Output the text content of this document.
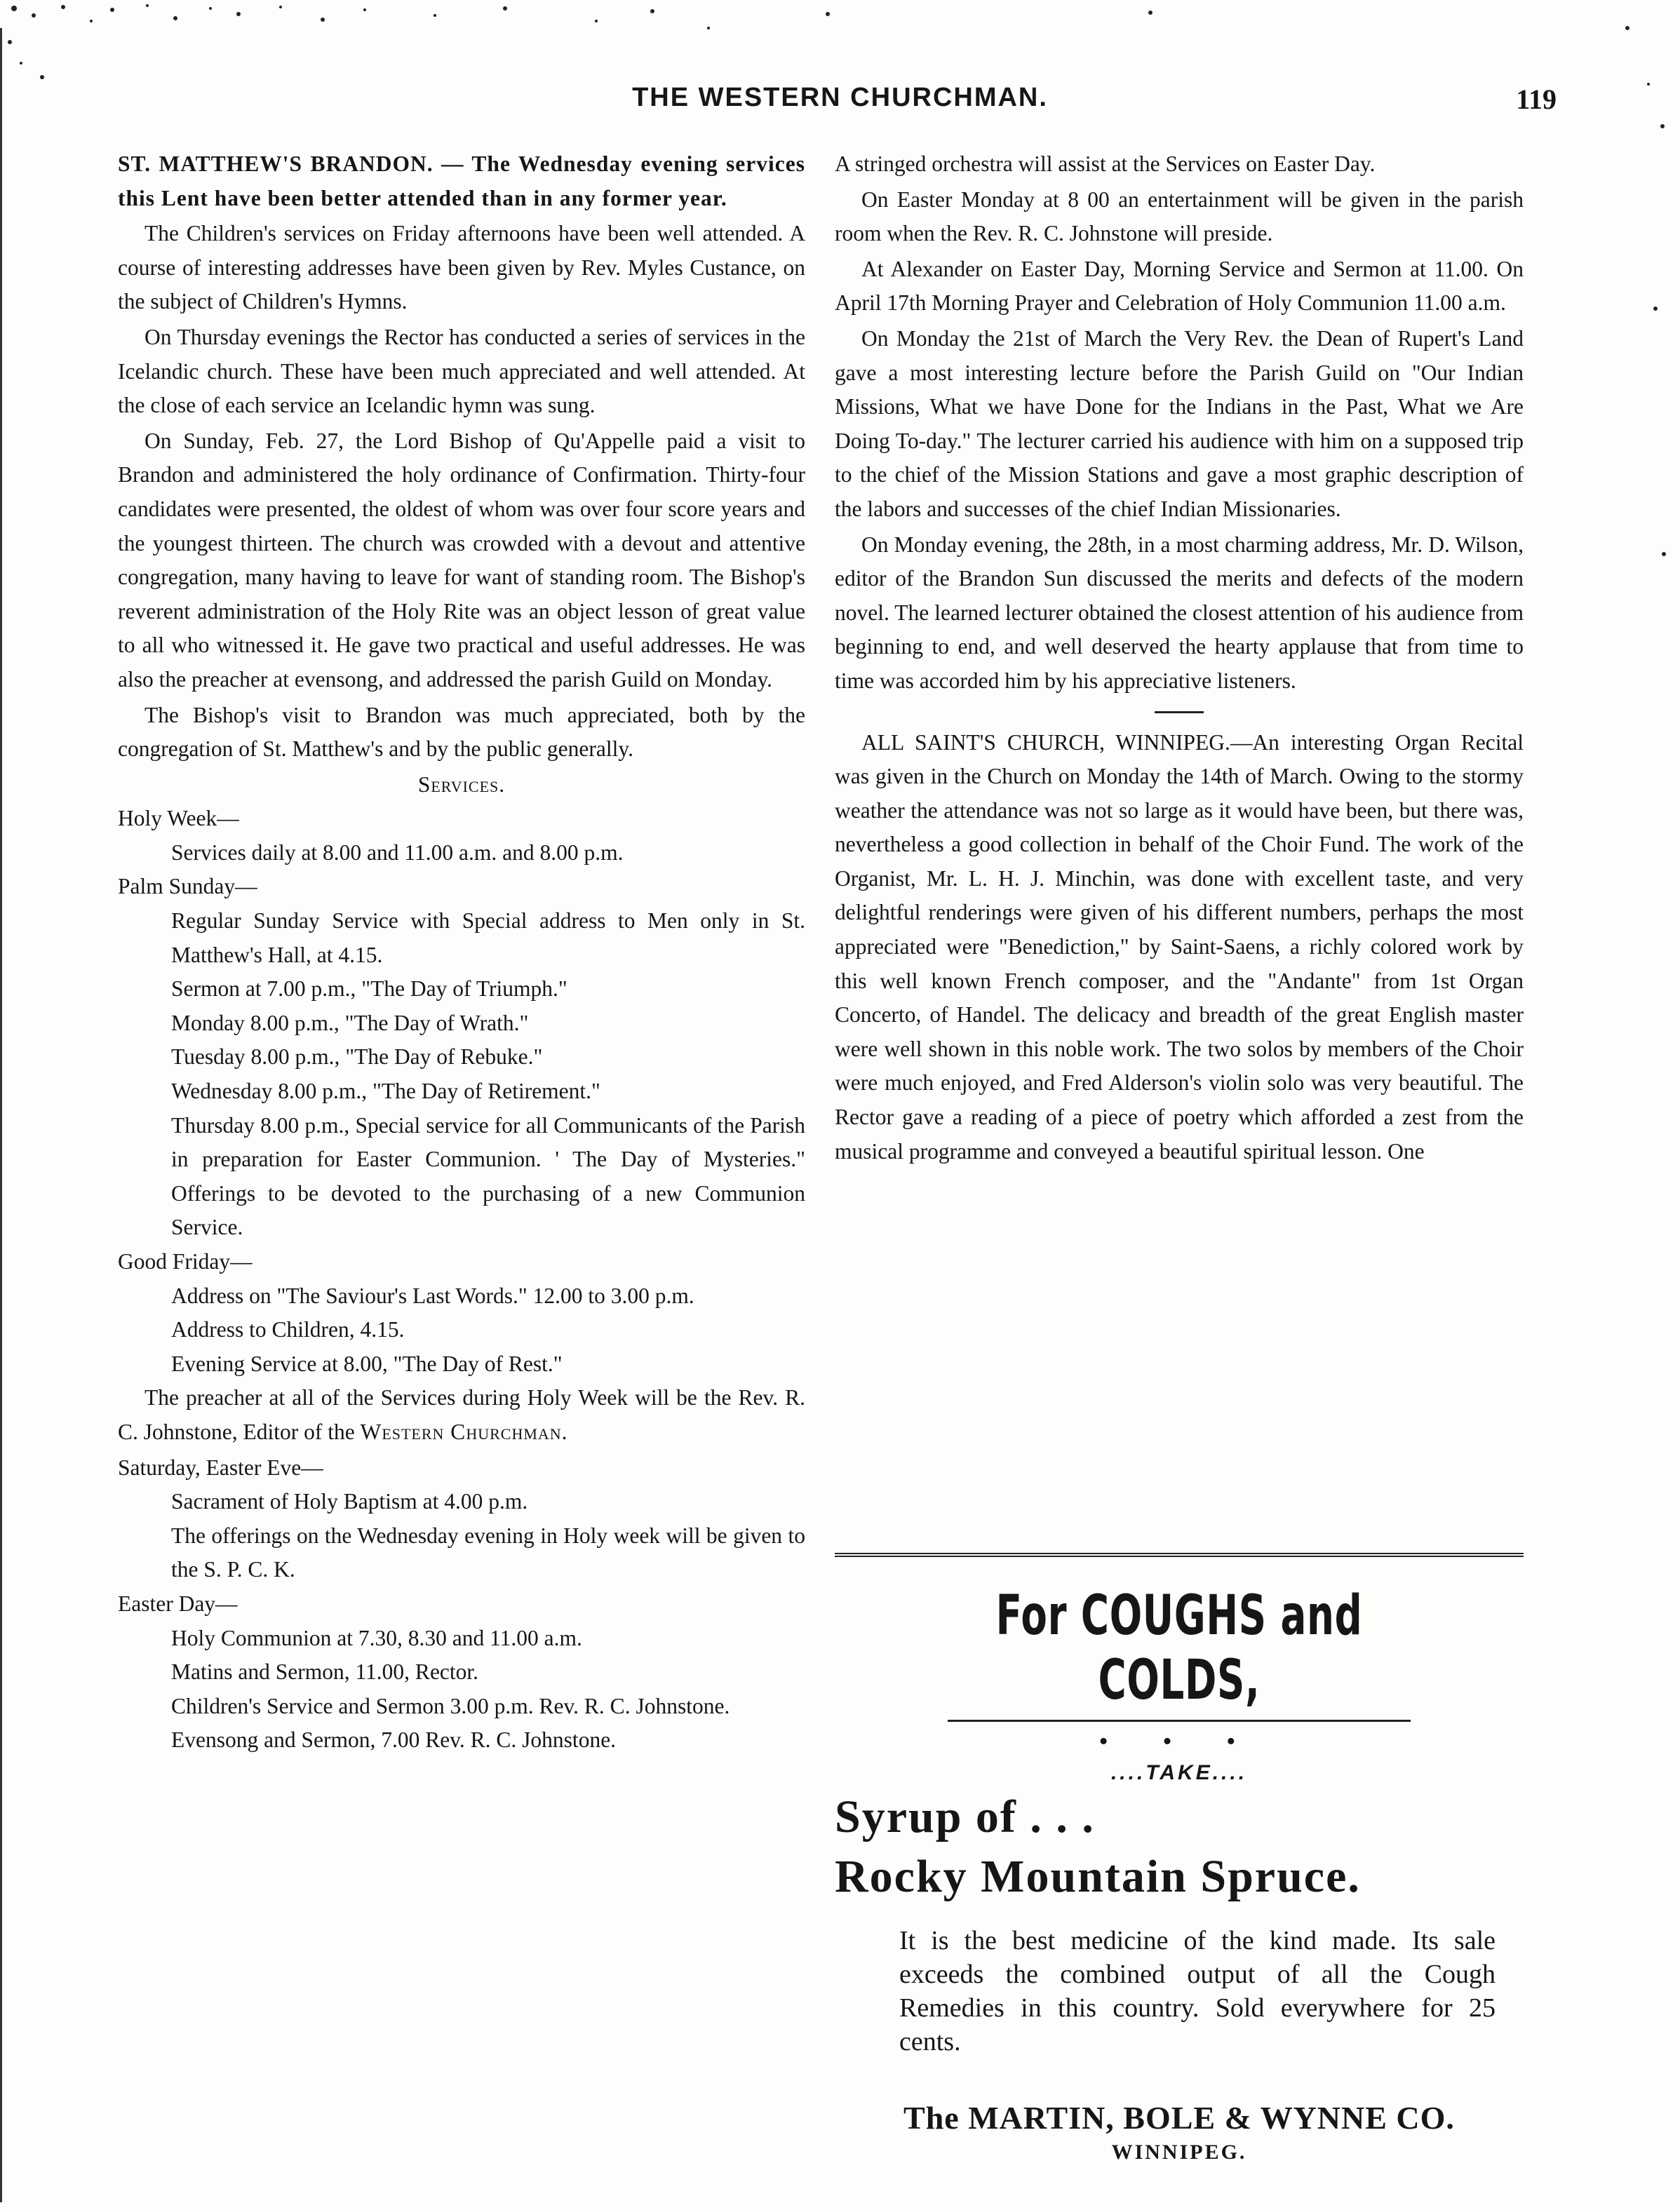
THE WESTERN CHURCHMAN.	119

ST. MATTHEW'S BRANDON. — The Wednesday evening services this Lent have been better attended than in any former year.

The Children's services on Friday afternoons have been well attended. A course of interesting addresses have been given by Rev. Myles Custance, on the subject of Children's Hymns.

On Thursday evenings the Rector has conducted a series of services in the Icelandic church. These have been much appreciated and well attended. At the close of each service an Icelandic hymn was sung.

On Sunday, Feb. 27, the Lord Bishop of Qu'Appelle paid a visit to Brandon and administered the holy ordinance of Confirmation. Thirty-four candidates were presented, the oldest of whom was over four score years and the youngest thirteen. The church was crowded with a devout and attentive congregation, many having to leave for want of standing room. The Bishop's reverent administration of the Holy Rite was an object lesson of great value to all who witnessed it. He gave two practical and useful addresses. He was also the preacher at evensong, and addressed the parish Guild on Monday.

The Bishop's visit to Brandon was much appreciated, both by the congregation of St. Matthew's and by the public generally.

Services.
Holy Week—
Services daily at 8.00 and 11.00 a.m. and 8.00 p.m.
Palm Sunday—
Regular Sunday Service with Special address to Men only in St. Matthew's Hall, at 4.15.
Sermon at 7.00 p.m., "The Day of Triumph."
Monday 8.00 p.m., "The Day of Wrath."
Tuesday 8.00 p.m., "The Day of Rebuke."
Wednesday 8.00 p.m., "The Day of Retirement."
Thursday 8.00 p.m., Special service for all Communicants of the Parish in preparation for Easter Communion. ' The Day of Mysteries." Offerings to be devoted to the purchasing of a new Communion Service.
Good Friday—
Address on "The Saviour's Last Words." 12.00 to 3.00 p.m.
Address to Children, 4.15.
Evening Service at 8.00, "The Day of Rest."

The preacher at all of the Services during Holy Week will be the Rev. R. C. Johnstone, Editor of the Western Churchman.

Saturday, Easter Eve—
Sacrament of Holy Baptism at 4.00 p.m.
The offerings on the Wednesday evening in Holy week will be given to the S. P. C. K.
Easter Day—
Holy Communion at 7.30, 8.30 and 11.00 a.m.
Matins and Sermon, 11.00, Rector.
Children's Service and Sermon 3.00 p.m. Rev. R. C. Johnstone.
Evensong and Sermon, 7.00 Rev. R. C. Johnstone.

A stringed orchestra will assist at the Services on Easter Day.

On Easter Monday at 8 00 an entertainment will be given in the parish room when the Rev. R. C. Johnstone will preside.

At Alexander on Easter Day, Morning Service and Sermon at 11.00. On April 17th Morning Prayer and Celebration of Holy Communion 11.00 a.m.

On Monday the 21st of March the Very Rev. the Dean of Rupert's Land gave a most interesting lecture before the Parish Guild on "Our Indian Missions, What we have Done for the Indians in the Past, What we Are Doing To-day." The lecturer carried his audience with him on a supposed trip to the chief of the Mission Stations and gave a most graphic description of the labors and successes of the chief Indian Missionaries.

On Monday evening, the 28th, in a most charming address, Mr. D. Wilson, editor of the Brandon Sun discussed the merits and defects of the modern novel. The learned lecturer obtained the closest attention of his audience from beginning to end, and well deserved the hearty applause that from time to time was accorded him by his appreciative listeners.

ALL SAINT'S CHURCH, WINNIPEG.—An interesting Organ Recital was given in the Church on Monday the 14th of March. Owing to the stormy weather the attendance was not so large as it would have been, but there was, nevertheless a good collection in behalf of the Choir Fund. The work of the Organist, Mr. L. H. J. Minchin, was done with excellent taste, and very delightful renderings were given of his different numbers, perhaps the most appreciated were "Benediction," by Saint-Saens, a richly colored work by this well known French composer, and the "Andante" from 1st Organ Concerto, of Handel. The delicacy and breadth of the great English master were well shown in this noble work. The two solos by members of the Choir were much enjoyed, and Fred Alderson's violin solo was very beautiful. The Rector gave a reading of a piece of poetry which afforded a zest from the musical programme and conveyed a beautiful spiritual lesson. One

For COUGHS and COLDS,
• • •
....TAKE....
Syrup of . . .
Rocky Mountain Spruce.
It is the best medicine of the kind made. Its sale exceeds the combined output of all the Cough Remedies in this country. Sold everywhere for 25 cents.
The MARTIN, BOLE & WYNNE CO.
WINNIPEG.
